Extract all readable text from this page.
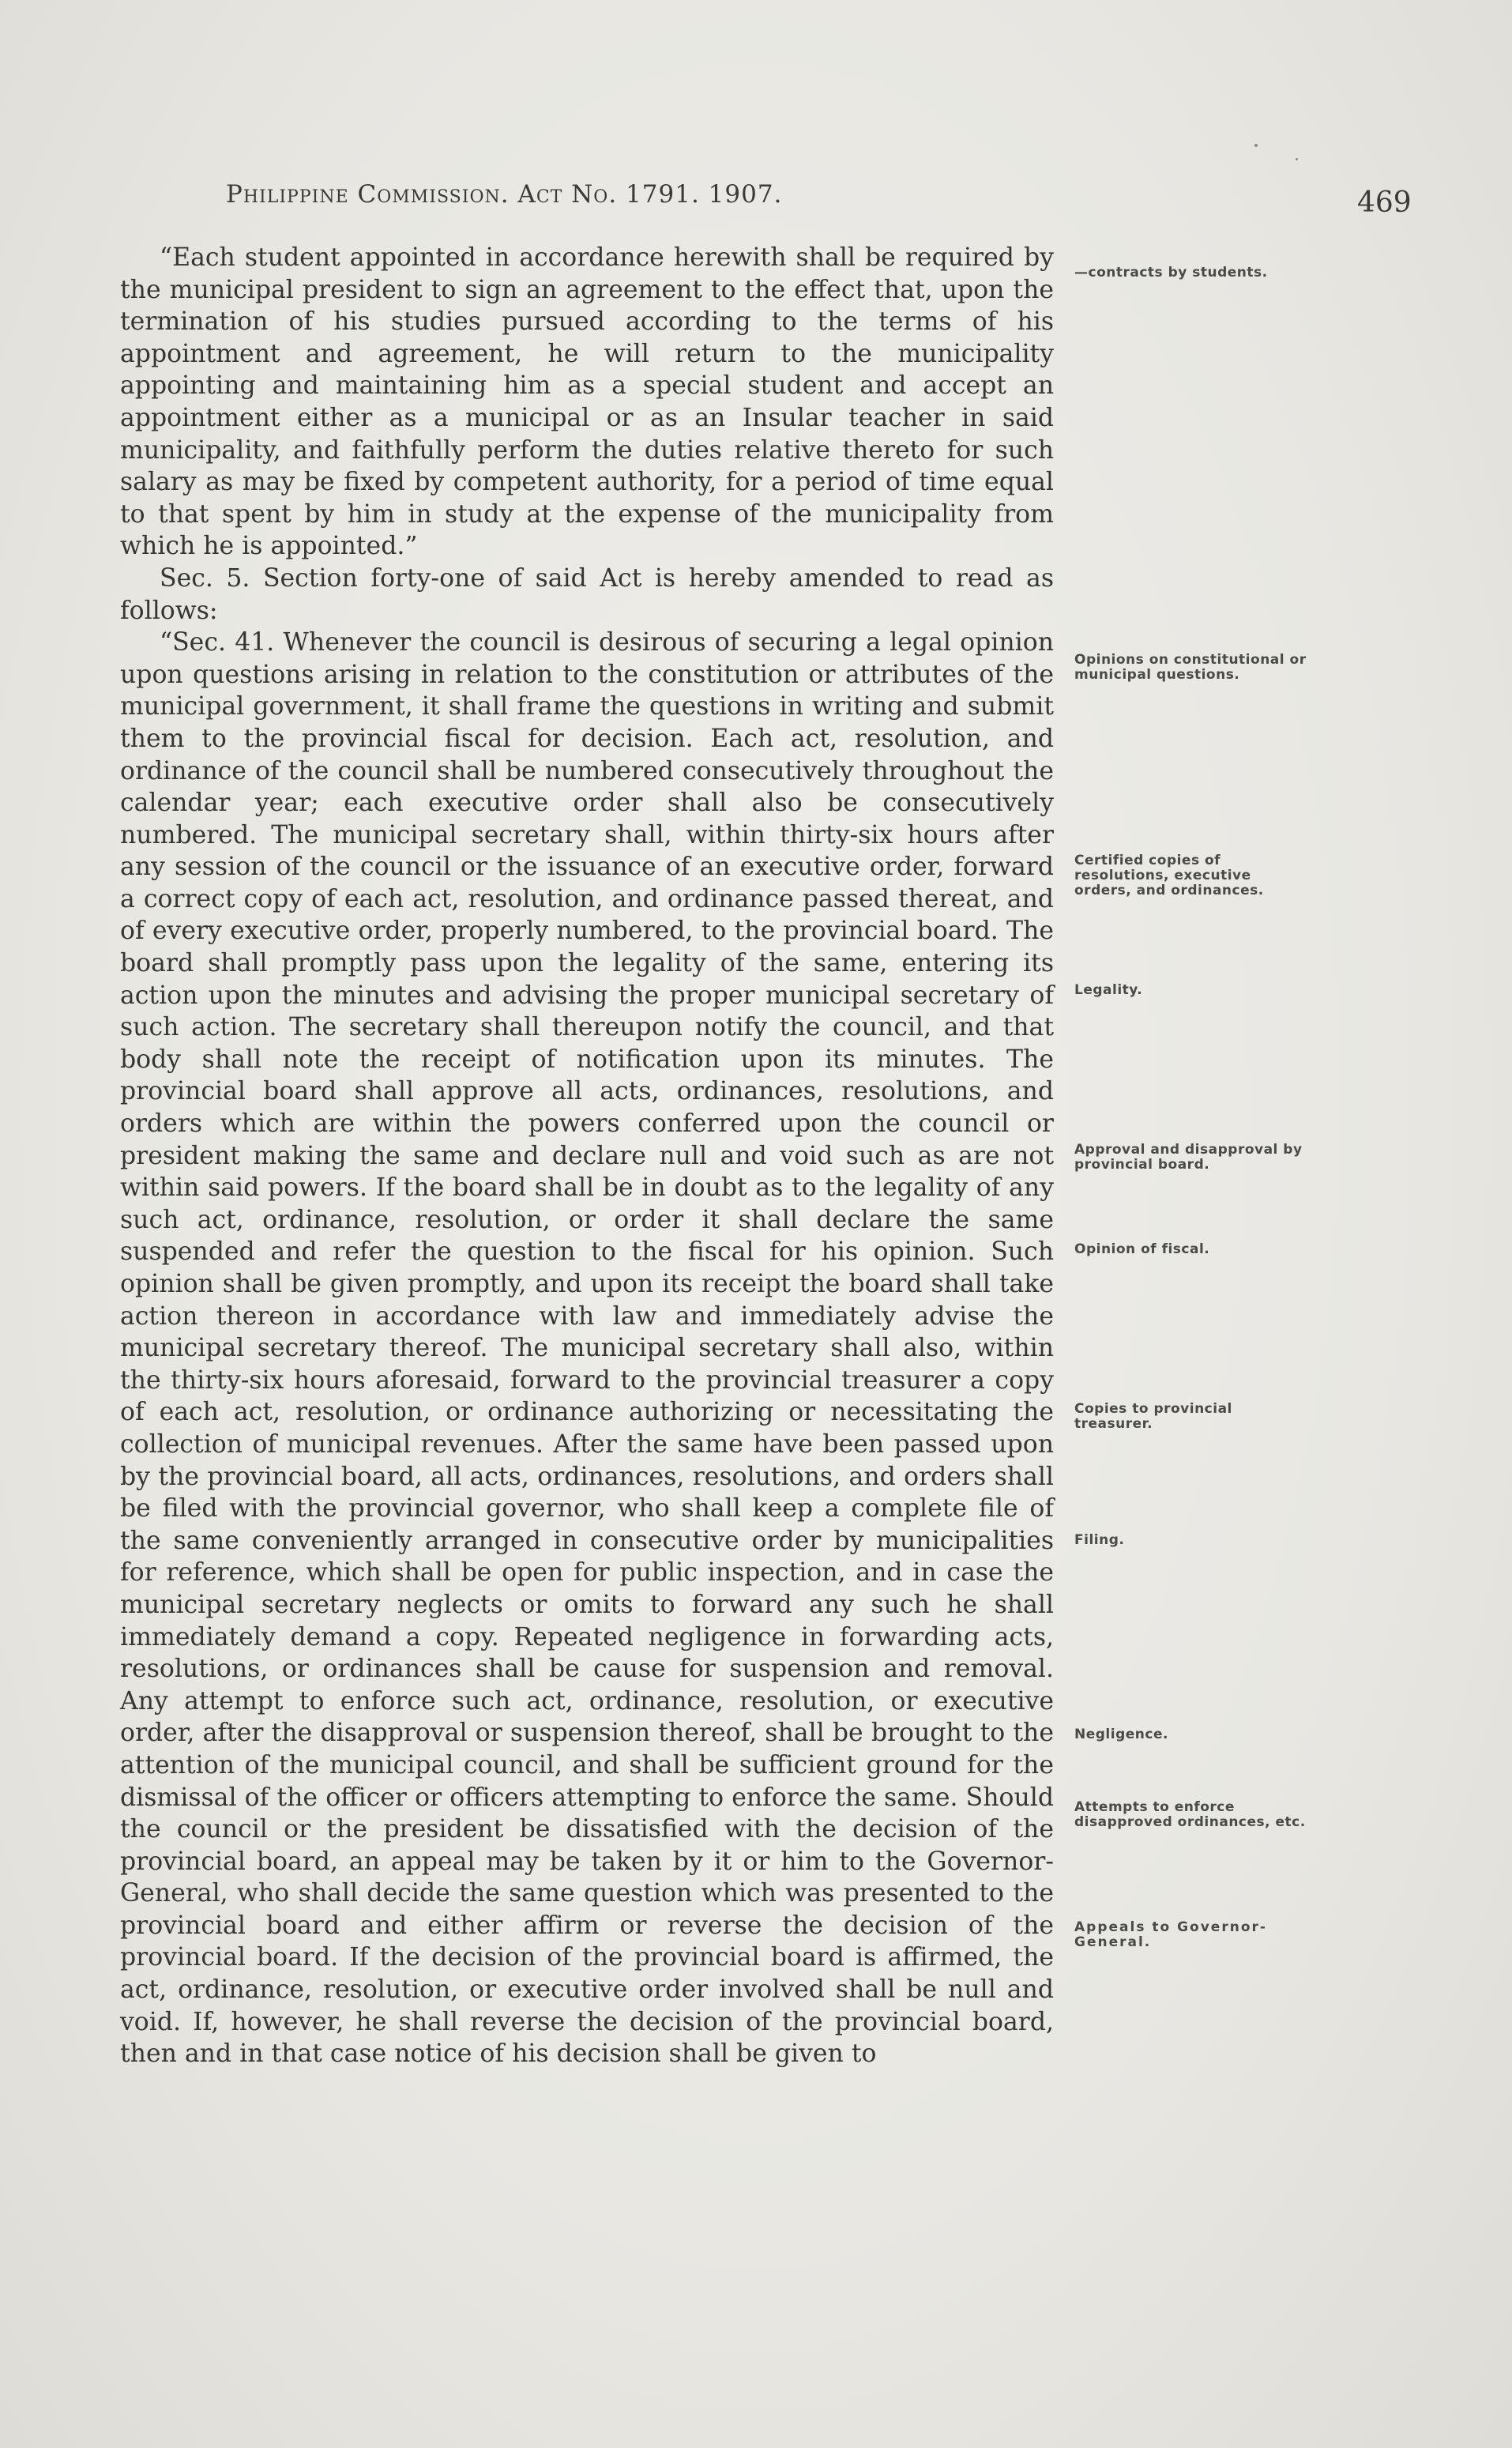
Philippine Commission. Act No. 1791. 1907.	469

“Each student appointed in accordance herewith shall be required by the municipal president to sign an agreement to the effect that, upon the termination of his studies pursued according to the terms of his appointment and agreement, he will return to the municipality appointing and maintaining him as a special student and accept an appointment either as a municipal or as an Insular teacher in said municipality, and faithfully perform the duties relative thereto for such salary as may be fixed by competent authority, for a period of time equal to that spent by him in study at the expense of the municipality from which he is appointed.”

Sec. 5. Section forty-one of said Act is hereby amended to read as follows:

“Sec. 41. Whenever the council is desirous of securing a legal opinion upon questions arising in relation to the constitution or attributes of the municipal government, it shall frame the questions in writing and submit them to the provincial fiscal for decision. Each act, resolution, and ordinance of the council shall be numbered consecutively throughout the calendar year; each executive order shall also be consecutively numbered. The municipal secretary shall, within thirty-six hours after any session of the council or the issuance of an executive order, forward a correct copy of each act, resolution, and ordinance passed thereat, and of every executive order, properly numbered, to the provincial board. The board shall promptly pass upon the legality of the same, entering its action upon the minutes and advising the proper municipal secretary of such action. The secretary shall thereupon notify the council, and that body shall note the receipt of notification upon its minutes. The provincial board shall approve all acts, ordinances, resolutions, and orders which are within the powers conferred upon the council or president making the same and declare null and void such as are not within said powers. If the board shall be in doubt as to the legality of any such act, ordinance, resolution, or order it shall declare the same suspended and refer the question to the fiscal for his opinion. Such opinion shall be given promptly, and upon its receipt the board shall take action thereon in accordance with law and immediately advise the municipal secretary thereof. The municipal secretary shall also, within the thirty-six hours aforesaid, forward to the provincial treasurer a copy of each act, resolution, or ordinance authorizing or necessitating the collection of municipal revenues. After the same have been passed upon by the provincial board, all acts, ordinances, resolutions, and orders shall be filed with the provincial governor, who shall keep a complete file of the same conveniently arranged in consecutive order by municipalities for reference, which shall be open for public inspection, and in case the municipal secretary neglects or omits to forward any such he shall immediately demand a copy. Repeated negligence in forwarding acts, resolutions, or ordinances shall be cause for suspension and removal. Any attempt to enforce such act, ordinance, resolution, or executive order, after the disapproval or suspension thereof, shall be brought to the attention of the municipal council, and shall be sufficient ground for the dismissal of the officer or officers attempting to enforce the same. Should the council or the president be dissatisfied with the decision of the provincial board, an appeal may be taken by it or him to the Governor-General, who shall decide the same question which was presented to the provincial board and either affirm or reverse the decision of the provincial board. If the decision of the provincial board is affirmed, the act, ordinance, resolution, or executive order involved shall be null and void. If, however, he shall reverse the decision of the provincial board, then and in that case notice of his decision shall be given to

—contracts by students.
Opinions on constitutional or municipal questions.
Certified copies of resolutions, executive orders, and ordinances.
Legality.
Approval and disapproval by provincial board.
Opinion of fiscal.
Copies to provincial treasurer.
Filing.
Negligence.
Attempts to enforce disapproved ordinances, etc.
Appeals to Governor-General.
